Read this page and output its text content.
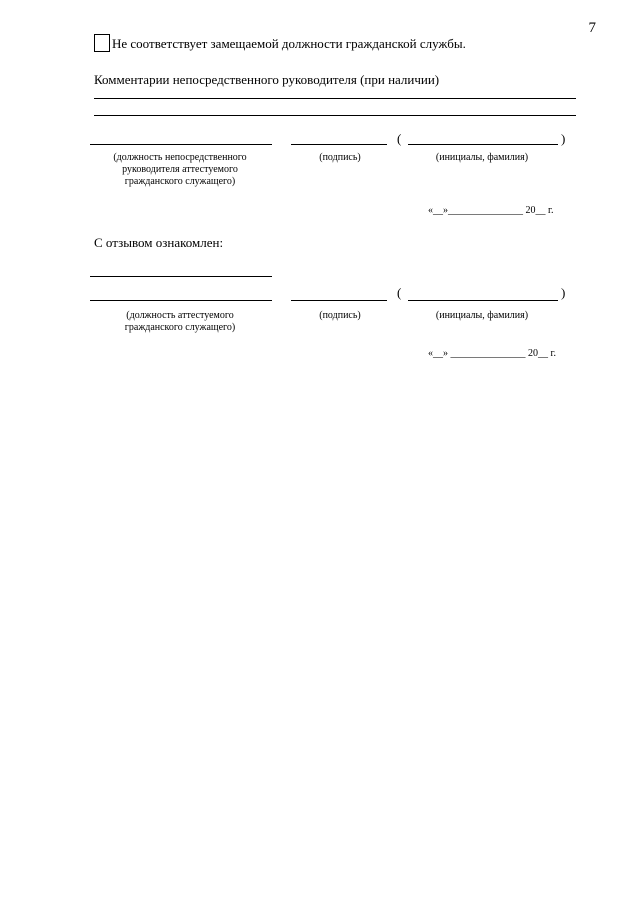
7
Не соответствует замещаемой должности гражданской службы.
Комментарии непосредственного руководителя (при наличии)
(	)
(должность непосредственного руководителя аттестуемого гражданского служащего)
(подпись)	(инициалы, фамилия)
«__»_______________ 20__ г.
С отзывом ознакомлен:
(	)
(должность аттестуемого гражданского служащего)
(подпись)	(инициалы, фамилия)
«__» _______________ 20__ г.
